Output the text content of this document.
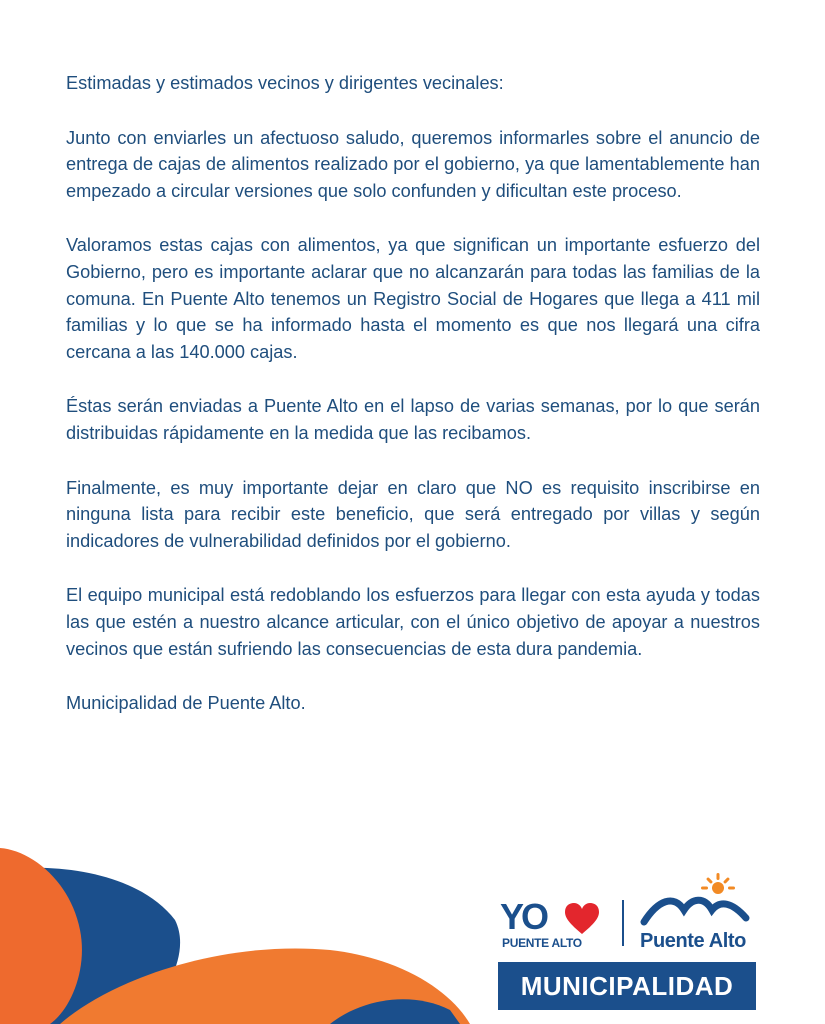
Estimadas y estimados vecinos y dirigentes vecinales:

Junto con enviarles un afectuoso saludo, queremos informarles sobre el anuncio de entrega de cajas de alimentos realizado por el gobierno, ya que lamentablemente han empezado a circular versiones que solo confunden y dificultan este proceso.

Valoramos estas cajas con alimentos, ya que significan un importante esfuerzo del Gobierno, pero es importante aclarar que no alcanzarán para todas las familias de la comuna. En Puente Alto tenemos un Registro Social de Hogares que llega a 411 mil familias y lo que se ha informado hasta el momento es que nos llegará una cifra cercana a las 140.000 cajas.

Éstas serán enviadas a Puente Alto en el lapso de varias semanas, por lo que serán distribuidas rápidamente en la medida que las recibamos.

Finalmente, es muy importante dejar en claro que NO es requisito inscribirse en ninguna lista para recibir este beneficio, que será entregado por villas y según indicadores de vulnerabilidad definidos por el gobierno.

El equipo municipal está redoblando los esfuerzos para llegar con esta ayuda y todas las que estén a nuestro alcance articular, con el único objetivo de apoyar a nuestros vecinos que están sufriendo las consecuencias de esta dura pandemia.

Municipalidad de Puente Alto.

YO
PUENTE ALTO	Puente Alto
MUNICIPALIDAD
